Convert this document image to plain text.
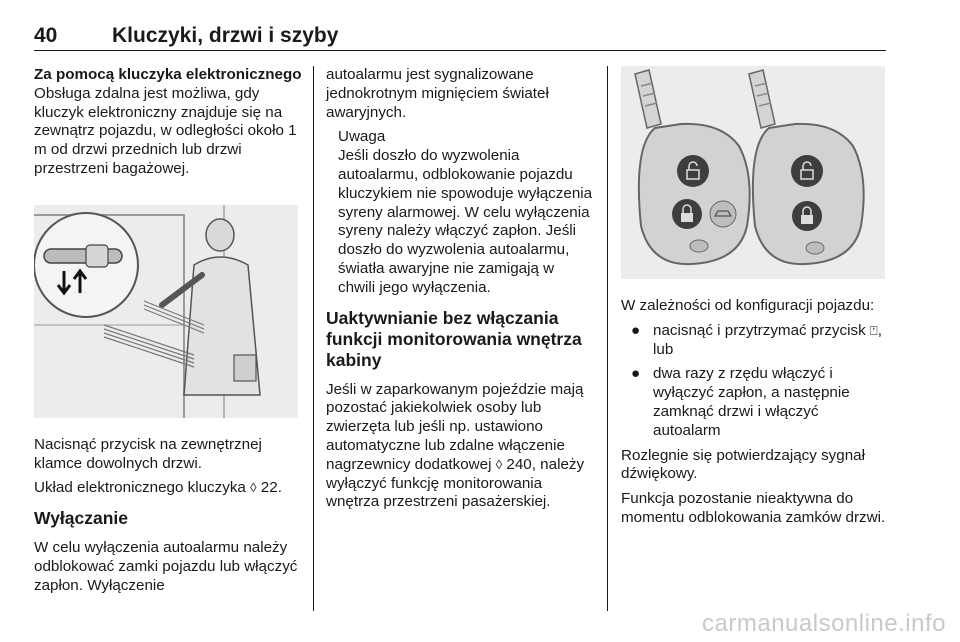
40	Kluczyki, drzwi i szyby

Za pomocą kluczyka elektronicznego

Obsługa zdalna jest możliwa, gdy kluczyk elektroniczny znajduje się na zewnątrz pojazdu, w odległości około 1 m od drzwi przednich lub drzwi przestrzeni bagażowej.

Nacisnąć przycisk na zewnętrznej klamce dowolnych drzwi.

Układ elektronicznego kluczyka ◊ 22.

Wyłączanie

W celu wyłączenia autoalarmu należy odblokować zamki pojazdu lub włączyć zapłon. Wyłączenie

autoalarmu jest sygnalizowane jednokrotnym mignięciem świateł awaryjnych.

Uwaga

Jeśli doszło do wyzwolenia autoalarmu, odblokowanie pojazdu kluczykiem nie spowoduje wyłączenia syreny alarmowej. W celu wyłączenia syreny należy włączyć zapłon. Jeśli doszło do wyzwolenia autoalarmu, światła awaryjne nie zamigają w chwili jego wyłączenia.

Uaktywnianie bez włączania funkcji monitorowania wnętrza kabiny

Jeśli w zaparkowanym pojeździe mają pozostać jakiekolwiek osoby lub zwierzęta lub jeśli np. ustawiono automatyczne lub zdalne włączenie nagrzewnicy dodatkowej ◊ 240, należy wyłączyć funkcję monitorowania wnętrza przestrzeni pasażerskiej.

W zależności od konfiguracji pojazdu:

● nacisnąć i przytrzymać przycisk ⍞, lub
● dwa razy z rzędu włączyć i wyłączyć zapłon, a następnie zamknąć drzwi i włączyć autoalarm

Rozlegnie się potwierdzający sygnał dźwiękowy.

Funkcja pozostanie nieaktywna do momentu odblokowania zamków drzwi.

carmanualsonline.info
